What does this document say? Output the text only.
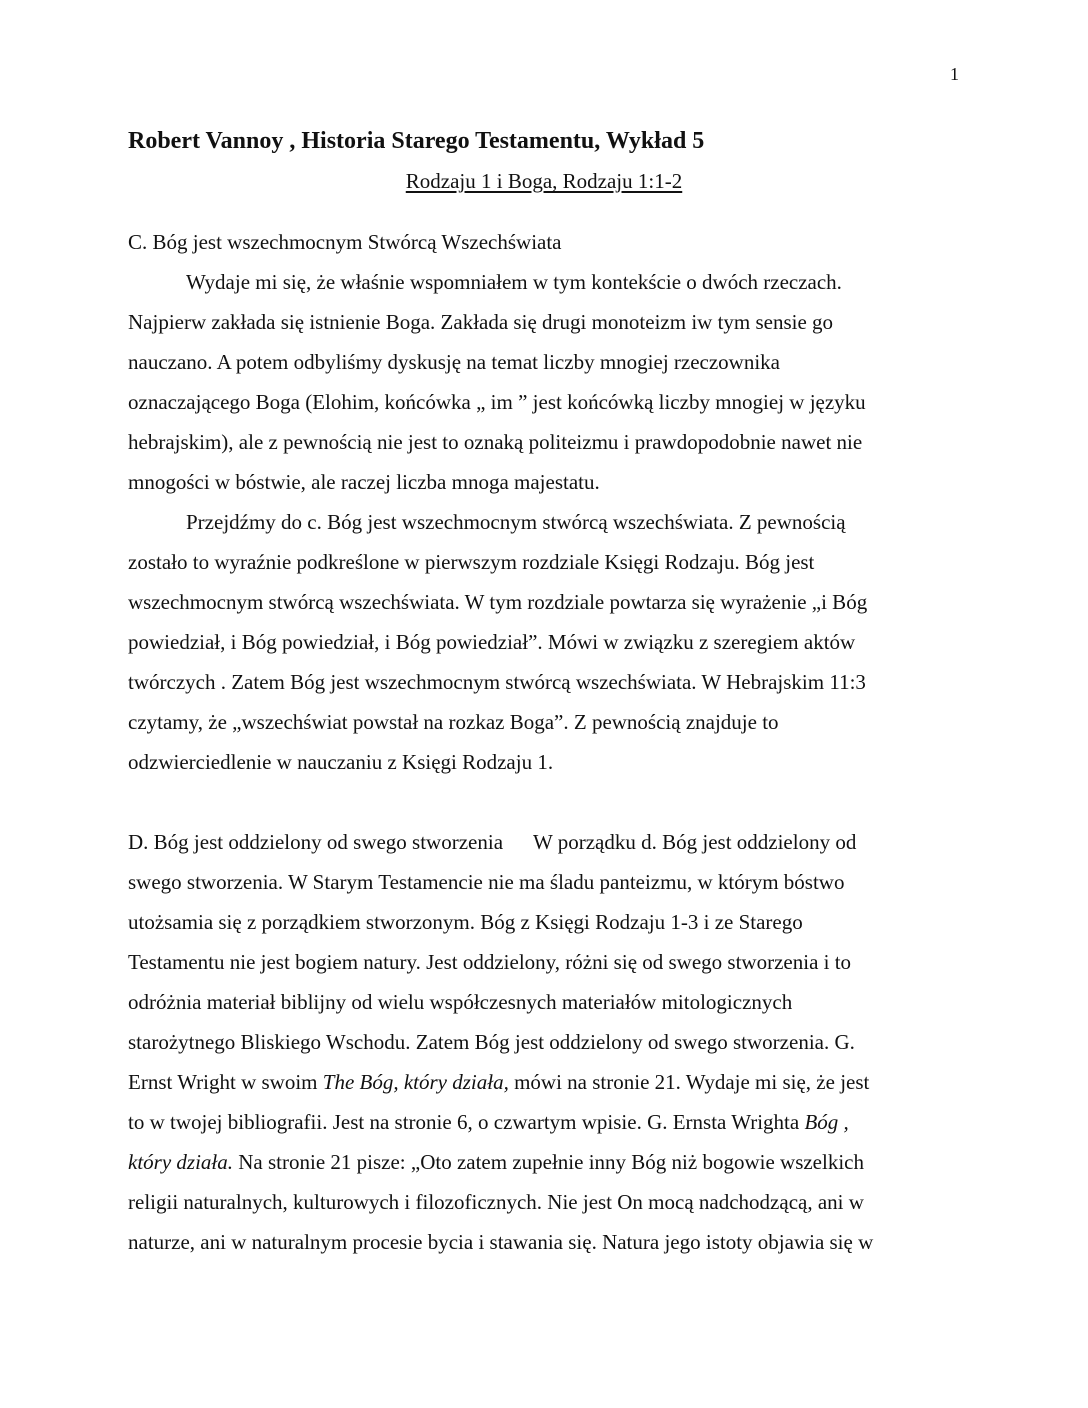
1
Robert Vannoy , Historia Starego Testamentu, Wykład 5
Rodzaju 1 i Boga, Rodzaju 1:1-2
C. Bóg jest wszechmocnym Stwórcą Wszechświata
Wydaje mi się, że właśnie wspomniałem w tym kontekście o dwóch rzeczach.
Najpierw zakłada się istnienie Boga. Zakłada się drugi monoteizm iw tym sensie go
nauczano. A potem odbyliśmy dyskusję na temat liczby mnogiej rzeczownika
oznaczającego Boga (Elohim, końcówka „ im ” jest końcówką liczby mnogiej w języku
hebrajskim), ale z pewnością nie jest to oznaką politeizmu i prawdopodobnie nawet nie
mnogości w bóstwie, ale raczej liczba mnoga majestatu.
Przejdźmy do c. Bóg jest wszechmocnym stwórcą wszechświata. Z pewnością
zostało to wyraźnie podkreślone w pierwszym rozdziale Księgi Rodzaju. Bóg jest
wszechmocnym stwórcą wszechświata. W tym rozdziale powtarza się wyrażenie „i Bóg
powiedział, i Bóg powiedział, i Bóg powiedział”. Mówi w związku z szeregiem aktów
twórczych . Zatem Bóg jest wszechmocnym stwórcą wszechświata. W Hebrajskim 11:3
czytamy, że „wszechświat powstał na rozkaz Boga”. Z pewnością znajduje to
odzwierciedlenie w nauczaniu z Księgi Rodzaju 1.
D. Bóg jest oddzielony od swego stworzenia W porządku d. Bóg jest oddzielony od
swego stworzenia. W Starym Testamencie nie ma śladu panteizmu, w którym bóstwo
utożsamia się z porządkiem stworzonym. Bóg z Księgi Rodzaju 1-3 i ze Starego
Testamentu nie jest bogiem natury. Jest oddzielony, różni się od swego stworzenia i to
odróżnia materiał biblijny od wielu współczesnych materiałów mitologicznych
starożytnego Bliskiego Wschodu. Zatem Bóg jest oddzielony od swego stworzenia. G.
Ernst Wright w swoim The Bóg, który działa, mówi na stronie 21. Wydaje mi się, że jest
to w twojej bibliografii. Jest na stronie 6, o czwartym wpisie. G. Ernsta Wrighta Bóg ,
który działa. Na stronie 21 pisze: „Oto zatem zupełnie inny Bóg niż bogowie wszelkich
religii naturalnych, kulturowych i filozoficznych. Nie jest On mocą nadchodzącą, ani w
naturze, ani w naturalnym procesie bycia i stawania się. Natura jego istoty objawia się w
